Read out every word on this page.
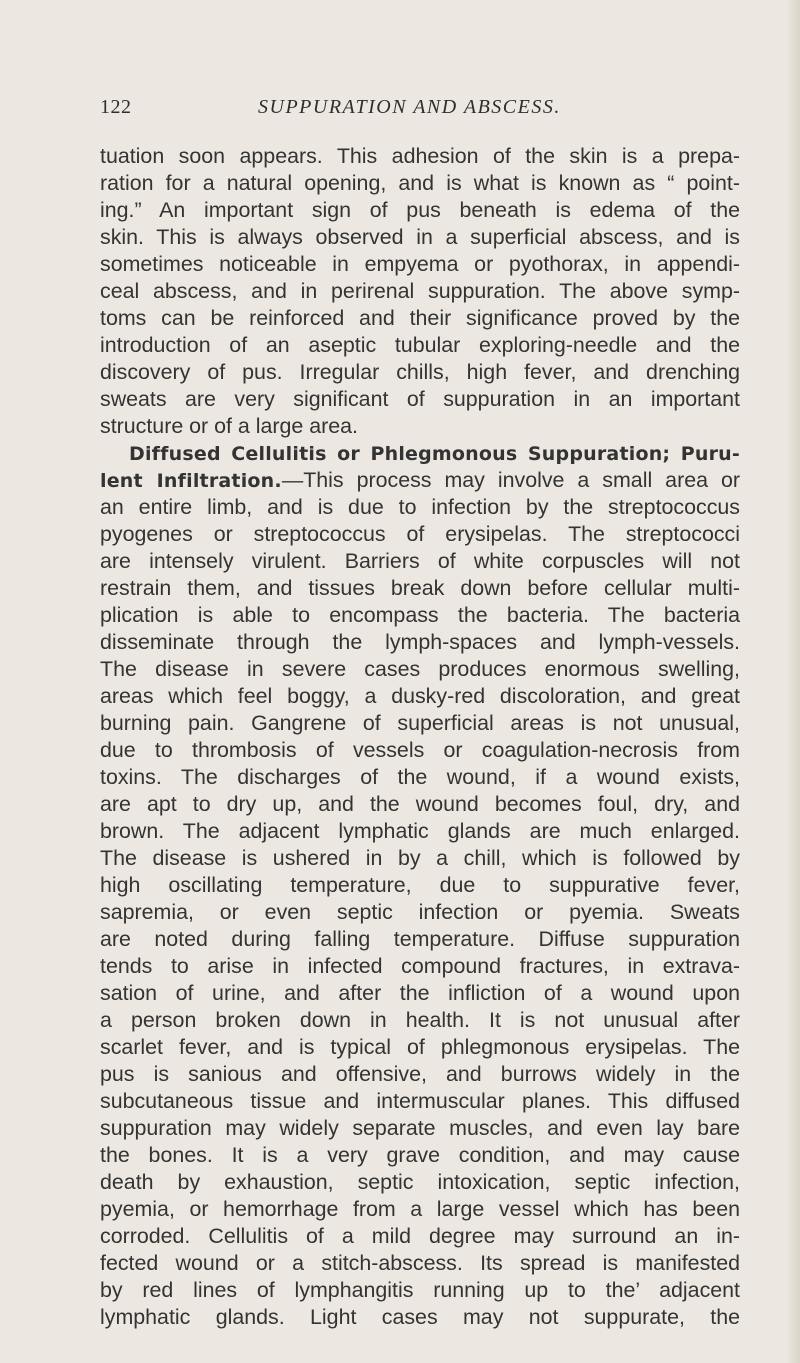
122	SUPPURATION AND ABSCESS.
tuation soon appears. This adhesion of the skin is a prepa-
ration for a natural opening, and is what is known as “ point-
ing.” An important sign of pus beneath is edema of the
skin. This is always observed in a superficial abscess, and is
sometimes noticeable in empyema or pyothorax, in appendi-
ceal abscess, and in perirenal suppuration. The above symp-
toms can be reinforced and their significance proved by the
introduction of an aseptic tubular exploring-needle and the
discovery of pus. Irregular chills, high fever, and drenching
sweats are very significant of suppuration in an important
structure or of a large area.
Diffused Cellulitis or Phlegmonous Suppuration; Puru-
lent Infiltration.—This process may involve a small area or
an entire limb, and is due to infection by the streptococcus
pyogenes or streptococcus of erysipelas. The streptococci
are intensely virulent. Barriers of white corpuscles will not
restrain them, and tissues break down before cellular multi-
plication is able to encompass the bacteria. The bacteria
disseminate through the lymph-spaces and lymph-vessels.
The disease in severe cases produces enormous swelling,
areas which feel boggy, a dusky-red discoloration, and great
burning pain. Gangrene of superficial areas is not unusual,
due to thrombosis of vessels or coagulation-necrosis from
toxins. The discharges of the wound, if a wound exists,
are apt to dry up, and the wound becomes foul, dry, and
brown. The adjacent lymphatic glands are much enlarged.
The disease is ushered in by a chill, which is followed by
high oscillating temperature, due to suppurative fever,
sapremia, or even septic infection or pyemia. Sweats
are noted during falling temperature. Diffuse suppuration
tends to arise in infected compound fractures, in extrava-
sation of urine, and after the infliction of a wound upon
a person broken down in health. It is not unusual after
scarlet fever, and is typical of phlegmonous erysipelas. The
pus is sanious and offensive, and burrows widely in the
subcutaneous tissue and intermuscular planes. This diffused
suppuration may widely separate muscles, and even lay bare
the bones. It is a very grave condition, and may cause
death by exhaustion, septic intoxication, septic infection,
pyemia, or hemorrhage from a large vessel which has been
corroded. Cellulitis of a mild degree may surround an in-
fected wound or a stitch-abscess. Its spread is manifested
by red lines of lymphangitis running up to the’ adjacent
lymphatic glands. Light cases may not suppurate, the
